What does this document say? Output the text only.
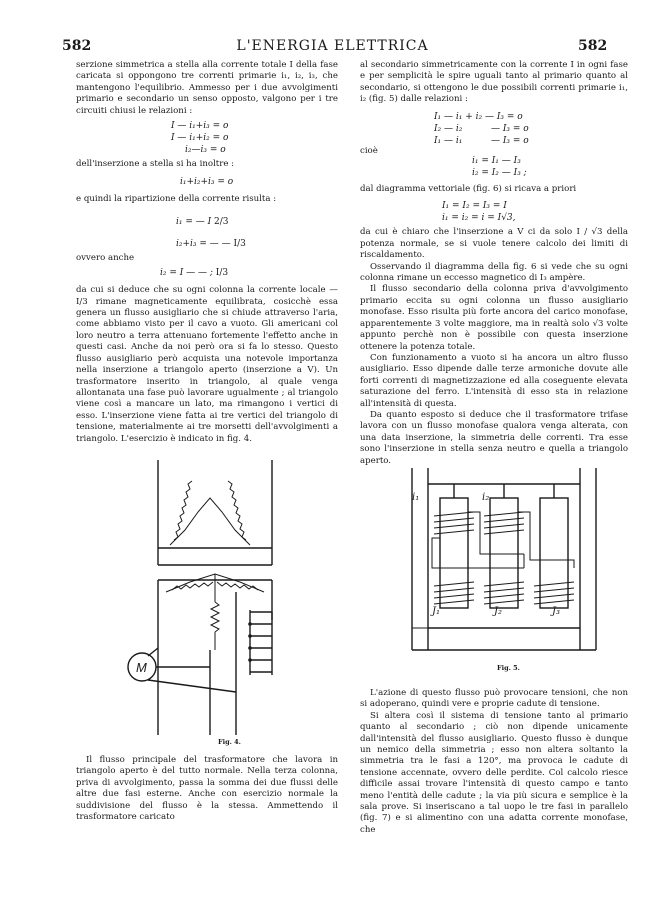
582	L'ENERGIA ELETTRICA	582

serzione simmetrica a stella alla corrente totale I della fase caricata si oppongono tre correnti primarie i₁, i₂, i₃, che mantengono l'equilibrio. Ammesso per i due avvolgimenti primario e secondario un senso opposto, valgono per i tre circuiti chiusi le relazioni :

I — i₁+i₃ = o
I — i₁+i₂ = o
i₂—i₃ = o

dell'inserzione a stella si ha inoltre :

i₁+i₂+i₃ = o

e quindi la ripartizione della corrente risulta :

i₁ = — I 2/3
i₂+i₃ = — — I/3

ovvero anche

i₂ = I — — ; I/3

da cui si deduce che su ogni colonna la corrente locale — I/3 rimane magneticamente equilibrata, cosicchè essa genera un flusso ausigliario che si chiude attraverso l'aria, come abbiamo visto per il cavo a vuoto. Gli americani col loro neutro a terra attenuano fortemente l'effetto anche in questi casi. Anche da noi però ora si fa lo stesso. Questo flusso ausigliario però acquista una notevole importanza nella inserzione a triangolo aperto (inserzione a V). Un trasformatore inserito in triangolo, al quale venga allontanata una fase può lavorare ugualmente ; al triangolo viene così a mancare un lato, ma rimangono i vertici di esso. L'inserzione viene fatta ai tre vertici del triangolo di tensione, materialmente ai tre morsetti dell'avvolgimenti a triangolo. L'esercizio è indicato in fig. 4.

M
Fig. 4.

Il flusso principale del trasformatore che lavora in triangolo aperto è del tutto normale. Nella terza colonna, priva di avvolgimento, passa la somma dei due flussi delle altre due fasi esterne. Anche con esercizio normale la suddivisione del flusso è la stessa. Ammettendo il trasformatore caricato

al secondario simmetricamente con la corrente I in ogni fase e per semplicità le spire uguali tanto al primario quanto al secondario, si ottengono le due possibili correnti primarie i₁, i₂ (fig. 5) dalle relazioni :

I₁ — i₁ + i₂ — I₃ = o
I₂ — i₂          — I₃ = o
I₁ — i₁          — I₃ = o
cioè
i₁ = I₁ — I₃
i₂ = I₂ — I₃ ;

dal diagramma vettoriale (fig. 6) si ricava a priori

I₁ = I₂ = I₃ = I
i₁ = i₂ = i = I√3,

da cui è chiaro che l'inserzione a V ci da solo I / √3 della potenza normale, se si vuole tenere calcolo dei limiti di riscaldamento.

Osservando il diagramma della fig. 6 si vede che su ogni colonna rimane un eccesso magnetico di I₃ ampère.

Il flusso secondario della colonna priva d'avvolgimento primario eccita su ogni colonna un flusso ausigliario monofase. Esso risulta più forte ancora del carico monofase, apparentemente 3 volte maggiore, ma in realtà solo √3 volte appunto perchè non è possibile con questa inserzione ottenere la potenza totale.

Con funzionamento a vuoto si ha ancora un altro flusso ausigliario. Esso dipende dalle terze armoniche dovute alle forti correnti di magnetizzazione ed alla coseguente elevata saturazione del ferro. L'intensità di esso sta in relazione all'intensità di questa.

Da quanto esposto si deduce che il trasformatore trifase lavora con un flusso monofase qualora venga alterata, con una data inserzione, la simmetria delle correnti. Tra esse sono l'inserzione in stella senza neutro e quella a triangolo aperto.

i₁	i₂
J₁	J₂	J₃
Fig. 5.

L'azione di questo flusso può provocare tensioni, che non si adoperano, quindi vere e proprie cadute di tensione.

Si altera così il sistema di tensione tanto al primario quanto al secondario ; ciò non dipende unicamente dall'intensità del flusso ausigliario. Questo flusso è dunque un nemico della simmetria ; esso non altera soltanto la simmetria tra le fasi a 120°, ma provoca le cadute di tensione accennate, ovvero delle perdite. Col calcolo riesce difficile assai trovare l'intensità di questo campo e tanto meno l'entità delle cadute ; la via più sicura e semplice è la sala prove. Si inseriscano a tal uopo le tre fasi in parallelo (fig. 7) e si alimentino con una adatta corrente monofase, che
